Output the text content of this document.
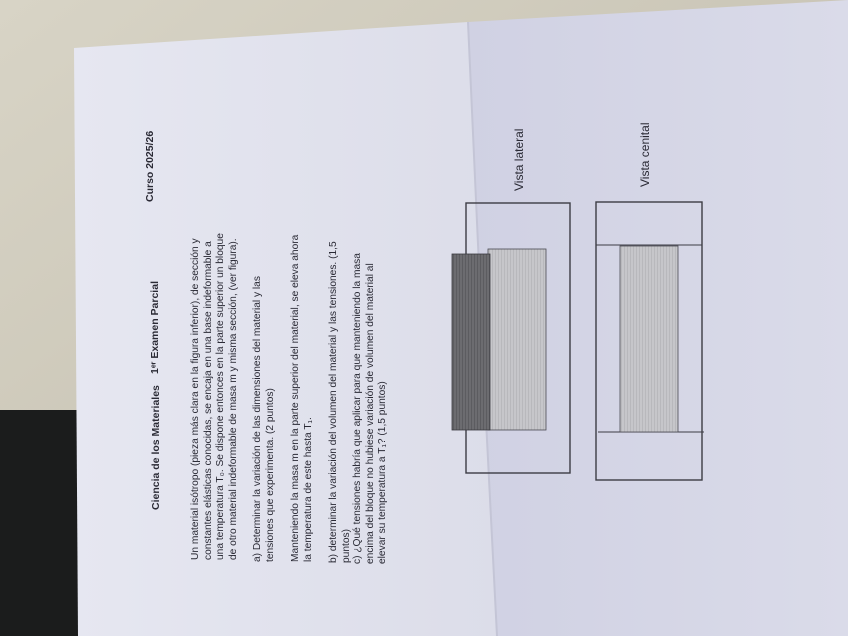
Ciencia de los Materiales
1ᵉʳ Examen Parcial
Curso 2025/26
Un material isótropo (pieza más clara en la figura inferior), de sección y constantes elásticas conocidas, se encaja en una base indeformable a una temperatura T₀. Se dispone entonces en la parte superior un bloque de otro material indeformable de masa m y misma sección, (ver figura). a) Determinar la variación de las dimensiones del material y las tensiones que experimenta. (2 puntos) Manteniendo la masa m en la parte superior del material, se eleva ahora la temperatura de este hasta T₁. b) determinar la variación del volumen del material y las tensiones. (1,5 puntos) c) ¿Qué tensiones habría que aplicar para que manteniendo la masa encima del bloque no hubiese variación de volumen del material al elevar su temperatura a T₁? (1,5 puntos)
Vista lateral	Vista cenital
